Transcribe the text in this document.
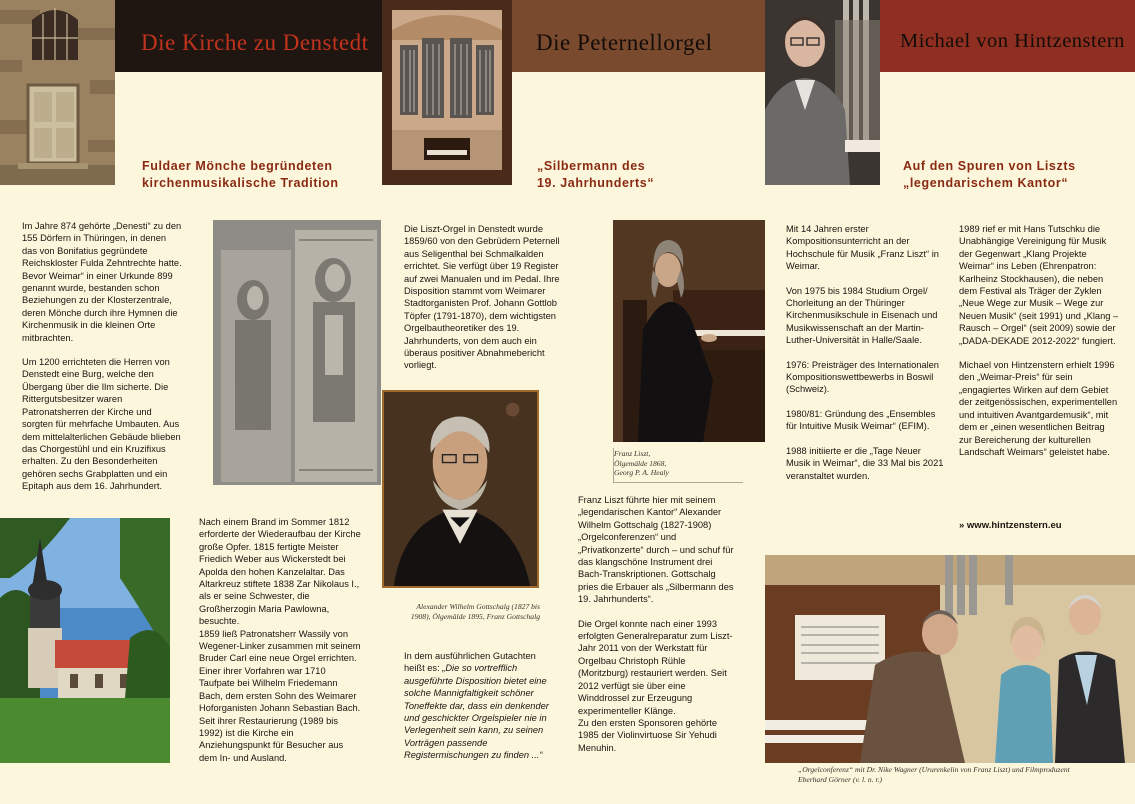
Die Kirche zu Denstedt	Die Peternellorgel	Michael von Hintzenstern
Fuldaer Mönche begründeten
kirchenmusikalische Tradition
„Silbermann des
19. Jahrhunderts“
Auf den Spuren von Liszts
„legendarischem Kantor“

Im Jahre 874 gehörte „Denesti“ zu den 155 Dörfern in Thüringen, in denen das von Bonifatius gegründete Reichskloster Fulda Zehntrechte hatte. Bevor Weimar“ in einer Urkunde 899 genannt wurde, bestanden schon Beziehungen zu der Klosterzentrale, deren Mönche durch ihre Hymnen die Kirchenmusik in die kleinen Orte mitbrachten.

Um 1200 errichteten die Herren von Denstedt eine Burg, welche den Übergang über die Ilm sicherte. Die Rittergutsbesitzer waren Patronatsherren der Kirche und sorgten für mehrfache Umbauten. Aus dem mittelalterlichen Gebäude blieben das Chorgestühl und ein Kruzifixus erhalten. Zu den Besonderheiten gehören sechs Grabplatten und ein Epitaph aus dem 16. Jahrhundert.

Nach einem Brand im Sommer 1812 erforderte der Wiederaufbau der Kirche große Opfer. 1815 fertigte Meister Friedich Weber aus Wickerstedt bei Apolda den hohen Kanzelaltar. Das Altarkreuz stiftete 1838 Zar Nikolaus I., als er seine Schwester, die Großherzogin Maria Pawlowna, besuchte.

1859 ließ Patronatsherr Wassily von Wegener-Linker zusammen mit seinem Bruder Carl eine neue Orgel errichten. Einer ihrer Vorfahren war 1710 Taufpate bei Wilhelm Friedemann Bach, dem ersten Sohn des Weimarer Hoforganisten Johann Sebastian Bach.

Seit ihrer Restaurierung (1989 bis 1992) ist die Kirche ein Anziehungspunkt für Besucher aus dem In- und Ausland.

Die Liszt-Orgel in Denstedt wurde 1859/60 von den Gebrüdern Peternell aus Seligenthal bei Schmalkalden errichtet. Sie verfügt über 19 Register auf zwei Manualen und im Pedal. Ihre Disposition stammt vom Weimarer Stadtorganisten Prof. Johann Gottlob Töpfer (1791-1870), dem wichtigsten Orgelbautheoretiker des 19. Jahrhunderts, von dem auch ein überaus positiver Abnahmebericht vorliegt.

Alexander Wilhelm Gottschalg (1827 bis 1908), Ölgemälde 1895, Franz Gottschalg
In dem ausführlichen Gutachten heißt es: „Die so vortrefflich ausgeführte Disposition bietet eine solche Mannigfaltigkeit schöner Toneffekte dar, dass ein denkender und geschickter Orgelspieler nie in Verlegenheit sein kann, zu seinen Vorträgen passende Registermischungen zu finden ...“
Franz Liszt,
Ölgemälde 1868,
Georg P. A. Healy

Franz Liszt führte hier mit seinem „legendarischen Kantor“ Alexander Wilhelm Gottschalg (1827-1908) „Orgelconferenzen“ und „Privatkonzerte“ durch – und schuf für das klangschöne Instrument drei Bach-Transkriptionen. Gottschalg pries die Erbauer als „Silbermann des 19. Jahrhunderts“.

Die Orgel konnte nach einer 1993 erfolgten Generalreparatur zum Liszt-Jahr 2011 von der Werkstatt für Orgelbau Christoph Rühle (Moritzburg) restauriert werden. Seit 2012 verfügt sie über eine Winddrossel zur Erzeugung experimenteller Klänge.

Zu den ersten Sponsoren gehörte 1985 der Violinvirtuose Sir Yehudi Menuhin.

Mit 14 Jahren erster Kompositionsunterricht an der Hochschule für Musik „Franz Liszt“ in Weimar.

Von 1975 bis 1984 Studium Orgel/ Chorleitung an der Thüringer Kirchenmusikschule in Eisenach und Musikwissenschaft an der Martin-Luther-Universität in Halle/Saale.

1976: Preisträger des Internationalen Kompositionswettbewerbs in Boswil (Schweiz).

1980/81: Gründung des „Ensembles für Intuitive Musik Weimar“ (EFIM).

1988 initiierte er die „Tage Neuer Musik in Weimar“, die 33 Mal bis 2021 veranstaltet wurden.

1989 rief er mit Hans Tutschku die Unabhängige Vereinigung für Musik der Gegenwart „Klang Projekte Weimar“ ins Leben (Ehrenpatron: Karlheinz Stockhausen), die neben dem Festival als Träger der Zyklen „Neue Wege zur Musik – Wege zur Neuen Musik“ (seit 1991) und „Klang – Rausch – Orgel“ (seit 2009) sowie der „DADA-DEKADE 2012-2022“ fungiert.

Michael von Hintzenstern erhielt 1996 den „Weimar-Preis“ für sein „engagiertes Wirken auf dem Gebiet der zeitgenössischen, experimentellen und intuitiven Avantgardemusik“, mit dem er „einen wesentlichen Beitrag zur Bereicherung der kulturellen Landschaft Weimars“ geleistet habe.

» www.hintzenstern.eu
„Orgelconferenz“ mit Dr. Nike Wagner (Ururenkelin von Franz Liszt) und Filmproduzent Eberhard Görner (v. l. n. r.)
